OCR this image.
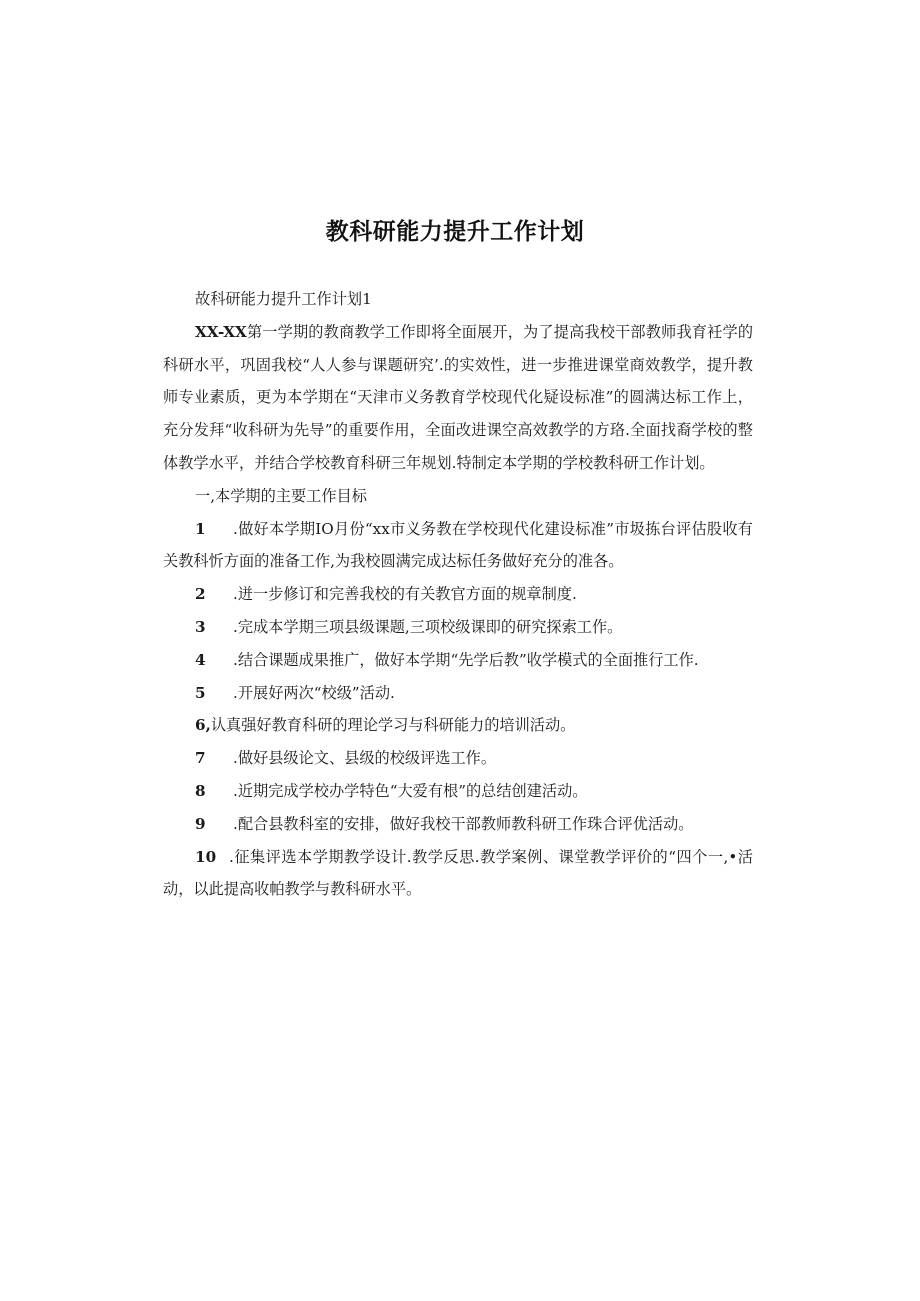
教科研能力提升工作计划

故科研能力提升工作计划1

XX-XX第一学期的教商教学工作即将全面展开，为了提高我校干部教师我育衽学的科研水平，巩固我校“人人参与课题研究’.的实效性，进一步推进课堂商效教学，提升教师专业素质，更为本学期在“天津市义务教育学校现代化疑设标准”的圆满达标工作上，充分发拜“收科研为先导”的重要作用，全面改进课空高效教学的方珞.全面找裔学校的整体教学水平，并结合学校教育科研三年规划.特制定本学期的学校教科研工作计划。

一,本学期的主要工作目标

1 .做好本学期IO月份“xx市义务教在学校现代化建设标准”市圾拣台评估股收有关教科忻方面的准备工作,为我校圆满完成达标任务做好充分的准各。

2 .迸一步修订和完善我校的有关教官方面的规章制度.

3 .完成本学期三项县级课题,三项校级课即的研究探索工作。

4 .结合课题成果推广，做好本学期“先学后教”收学模式的全面推行工作.

5 .开展好两次“校级”活动.

6,认真强好教育科研的理论学习与科研能力的培训活动。

7 .做好县级论文、县级的校级评选工作。

8 .近期完成学校办学特色“大爱有根”的总结创建活动。

9 .配合县教科室的安排，做好我校干部教师教科研工作珠合评优活动。

10 .征集评选本学期教学设计.教学反思.教学案例、课堂教学评价的“四个一,•活动，以此提高收帕教学与教科研水平。
